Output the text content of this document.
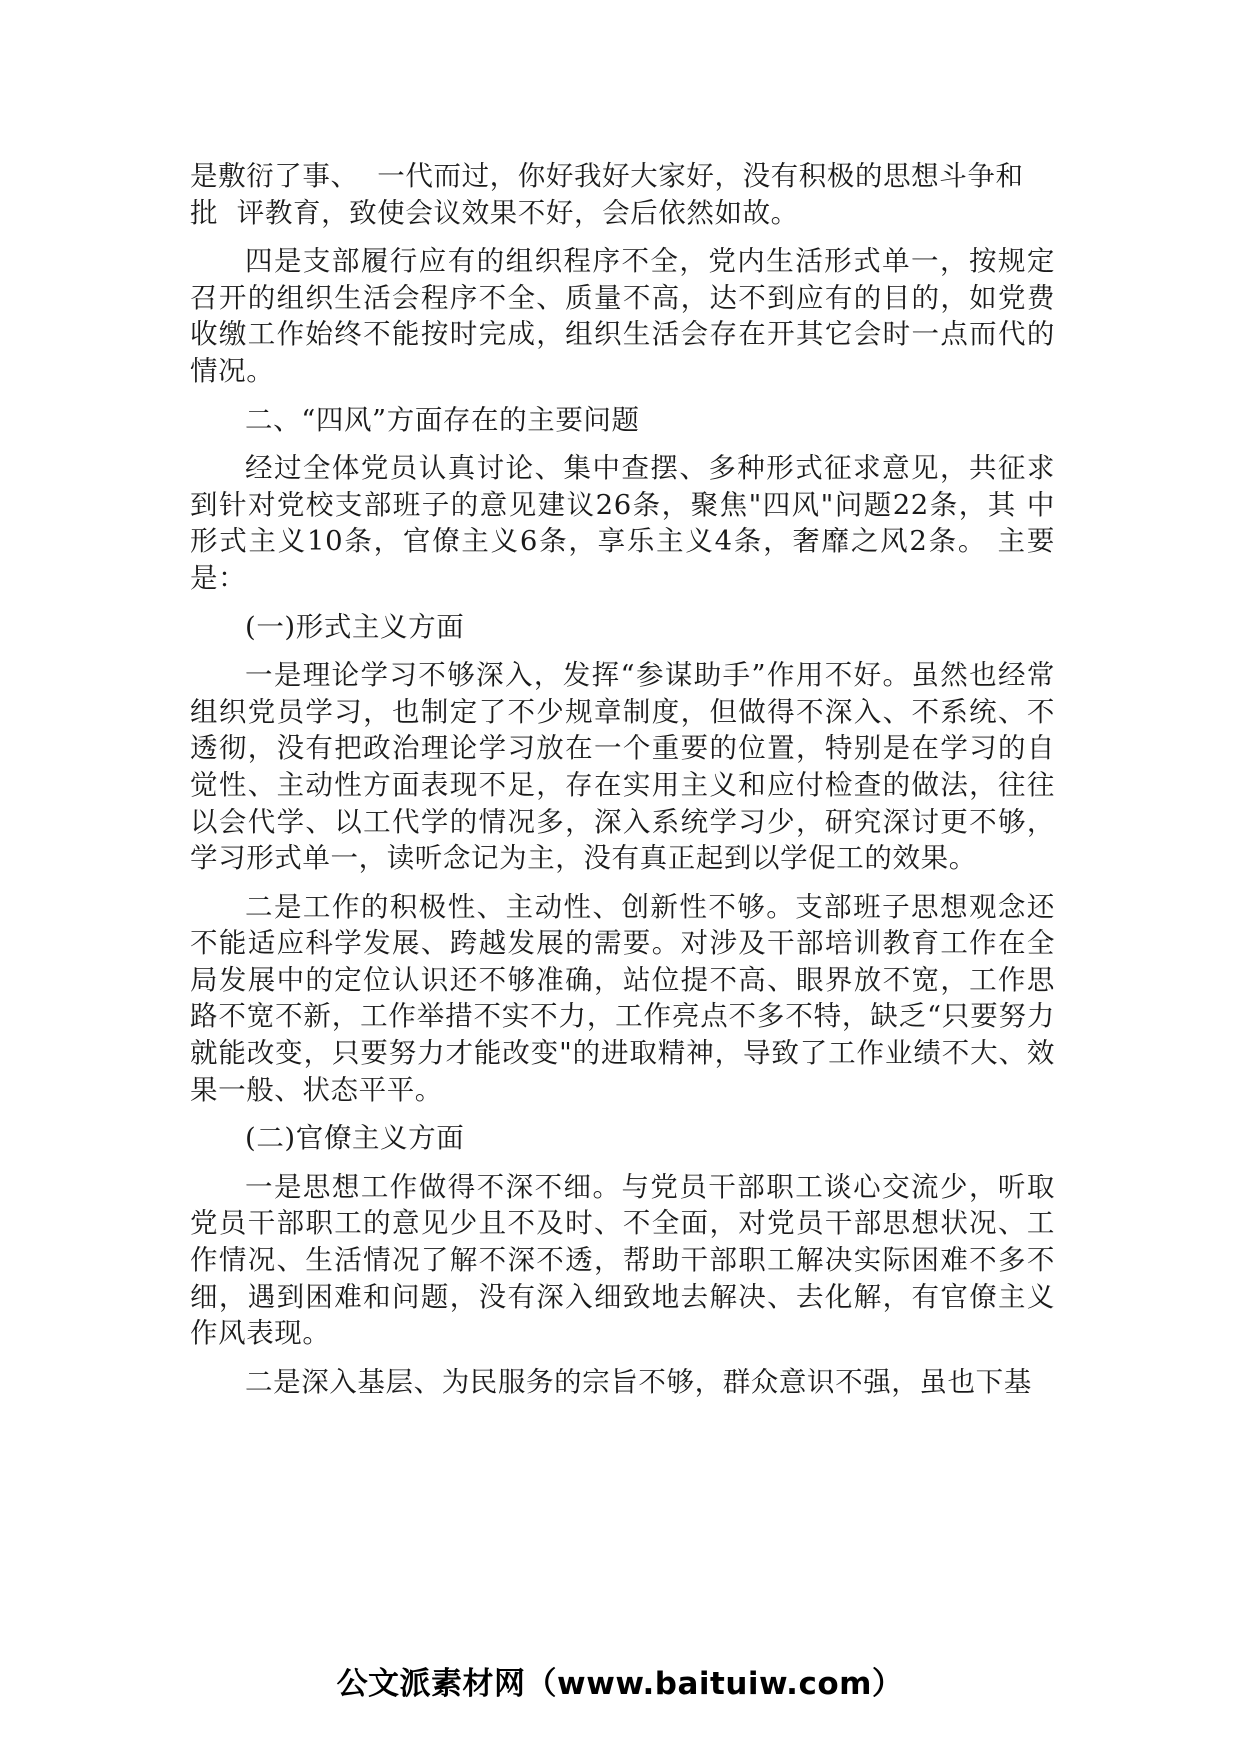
是敷衍了事、  一代而过，你好我好大家好，没有积极的思想斗争和
批  评教育，致使会议效果不好，会后依然如故。

四是支部履行应有的组织程序不全，党内生活形式单一，按规定召开的组织生活会程序不全、质量不高，达不到应有的目的，如党费收缴工作始终不能按时完成，组织生活会存在开其它会时一点而代的情况。

二、“四风”方面存在的主要问题

经过全体党员认真讨论、集中查摆、多种形式征求意见，共征求到针对党校支部班子的意见建议26条，聚焦"四风"问题22条，其 中形式主义10条，官僚主义6条，享乐主义4条，奢靡之风2条。 主要是：

(一)形式主义方面

一是理论学习不够深入，发挥“参谋助手”作用不好。虽然也经常组织党员学习，也制定了不少规章制度，但做得不深入、不系统、不透彻，没有把政治理论学习放在一个重要的位置，特别是在学习的自觉性、主动性方面表现不足，存在实用主义和应付检查的做法，往往以会代学、以工代学的情况多，深入系统学习少，研究深讨更不够，学习形式单一，读听念记为主，没有真正起到以学促工的效果。

二是工作的积极性、主动性、创新性不够。支部班子思想观念还不能适应科学发展、跨越发展的需要。对涉及干部培训教育工作在全局发展中的定位认识还不够准确，站位提不高、眼界放不宽，工作思路不宽不新，工作举措不实不力，工作亮点不多不特，缺乏“只要努力就能改变，只要努力才能改变"的进取精神，导致了工作业绩不大、效果一般、状态平平。

(二)官僚主义方面

一是思想工作做得不深不细。与党员干部职工谈心交流少，听取党员干部职工的意见少且不及时、不全面，对党员干部思想状况、工作情况、生活情况了解不深不透，帮助干部职工解决实际困难不多不细，遇到困难和问题，没有深入细致地去解决、去化解，有官僚主义作风表现。

二是深入基层、为民服务的宗旨不够，群众意识不强，虽也下基

公文派素材网（www.baituiw.com）
